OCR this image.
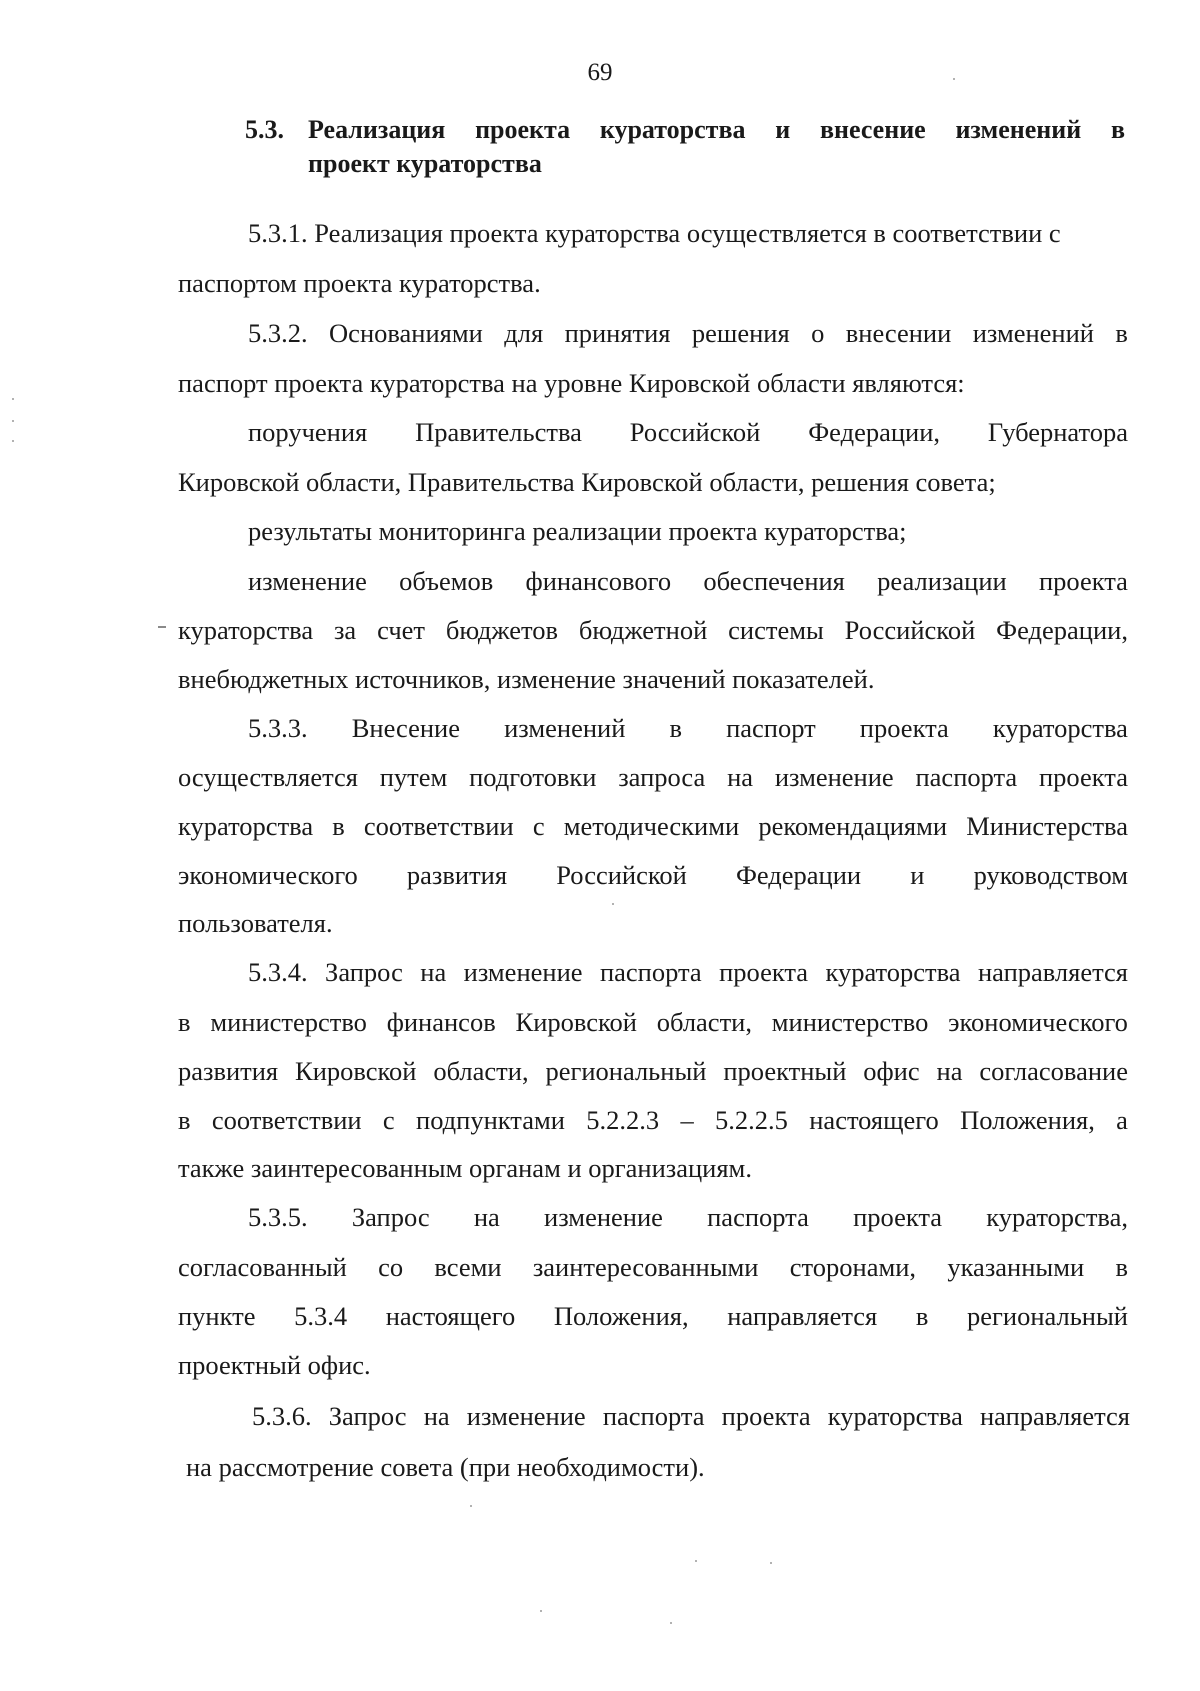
69
5.3. Реализация проекта кураторства и внесение изменений в
проект кураторства
5.3.1. Реализация проекта кураторства осуществляется в соответствии с
паспортом проекта кураторства.
5.3.2. Основаниями для принятия решения о внесении изменений в
паспорт проекта кураторства на уровне Кировской области являются:
поручения Правительства Российской Федерации, Губернатора
Кировской области, Правительства Кировской области, решения совета;
результаты мониторинга реализации проекта кураторства;
изменение объемов финансового обеспечения реализации проекта
кураторства за счет бюджетов бюджетной системы Российской Федерации,
внебюджетных источников, изменение значений показателей.
5.3.3. Внесение изменений в паспорт проекта кураторства
осуществляется путем подготовки запроса на изменение паспорта проекта
кураторства в соответствии с методическими рекомендациями Министерства
экономического развития Российской Федерации и руководством
пользователя.
5.3.4. Запрос на изменение паспорта проекта кураторства направляется
в министерство финансов Кировской области, министерство экономического
развития Кировской области, региональный проектный офис на согласование
в соответствии с подпунктами 5.2.2.3 – 5.2.2.5 настоящего Положения, а
также заинтересованным органам и организациям.
5.3.5. Запрос на изменение паспорта проекта кураторства,
согласованный со всеми заинтересованными сторонами, указанными в
пункте 5.3.4 настоящего Положения, направляется в региональный
проектный офис.
5.3.6. Запрос на изменение паспорта проекта кураторства направляется
на рассмотрение совета (при необходимости).
